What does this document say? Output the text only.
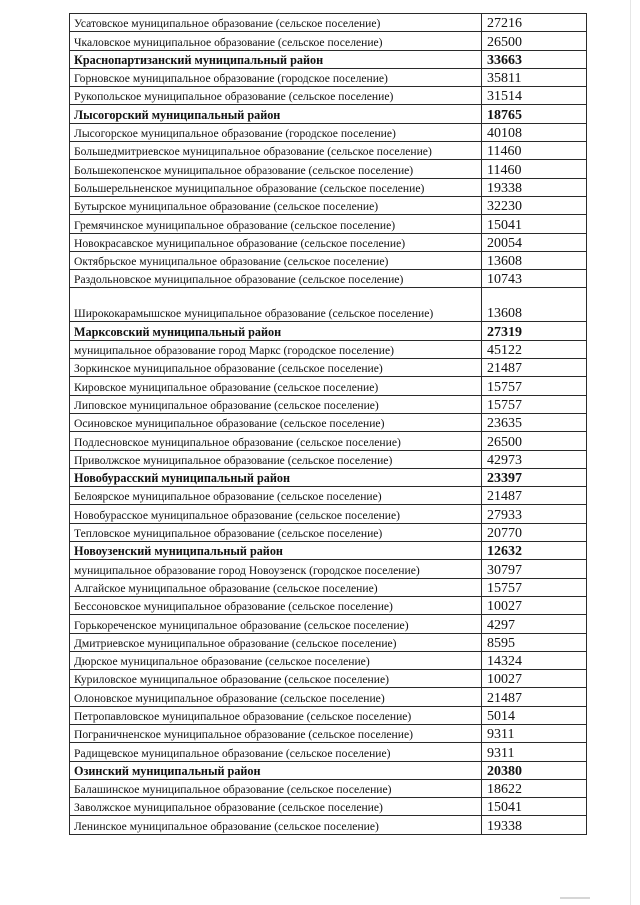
Усатовское муниципальное образование (сельское поселение)	27216
Чкаловское муниципальное образование (сельское поселение)	26500
Краснопартизанский муниципальный район	33663
Горновское муниципальное образование (городское поселение)	35811
Рукопольское муниципальное образование (сельское поселение)	31514
Лысогорский муниципальный район	18765
Лысогорское муниципальное образование (городское поселение)	40108
Большедмитриевское муниципальное образование (сельское поселение)	11460
Большекопенское муниципальное образование (сельское поселение)	11460
Большерельненское муниципальное образование (сельское поселение)	19338
Бутырское муниципальное образование (сельское поселение)	32230
Гремячинское муниципальное образование (сельское поселение)	15041
Новокрасавское муниципальное образование (сельское поселение)	20054
Октябрьское муниципальное образование (сельское поселение)	13608
Раздольновское муниципальное образование (сельское поселение)	10743
Ширококарамышское муниципальное образование (сельское поселение)	13608
Марксовский муниципальный район	27319
муниципальное образование город Маркс (городское поселение)	45122
Зоркинское муниципальное образование (сельское поселение)	21487
Кировское муниципальное образование (сельское поселение)	15757
Липовское муниципальное образование (сельское поселение)	15757
Осиновское муниципальное образование (сельское поселение)	23635
Подлесновское муниципальное образование (сельское поселение)	26500
Приволжское муниципальное образование (сельское поселение)	42973
Новобурасский муниципальный район	23397
Белоярское муниципальное образование (сельское поселение)	21487
Новобурасское муниципальное образование (сельское поселение)	27933
Тепловское муниципальное образование (сельское поселение)	20770
Новоузенский муниципальный район	12632
муниципальное образование город Новоузенск (городское поселение)	30797
Алгайское муниципальное образование (сельское поселение)	15757
Бессоновское муниципальное образование (сельское поселение)	10027
Горькореченское муниципальное образование (сельское поселение)	4297
Дмитриевское муниципальное образование (сельское поселение)	8595
Дюрское муниципальное образование (сельское поселение)	14324
Куриловское муниципальное образование (сельское поселение)	10027
Олоновское муниципальное образование (сельское поселение)	21487
Петропавловское муниципальное образование (сельское поселение)	5014
Пограничненское муниципальное образование (сельское поселение)	9311
Радищевское муниципальное образование (сельское поселение)	9311
Озинский муниципальный район	20380
Балашинское муниципальное образование (сельское поселение)	18622
Заволжское муниципальное образование (сельское поселение)	15041
Ленинское муниципальное образование (сельское поселение)	19338
